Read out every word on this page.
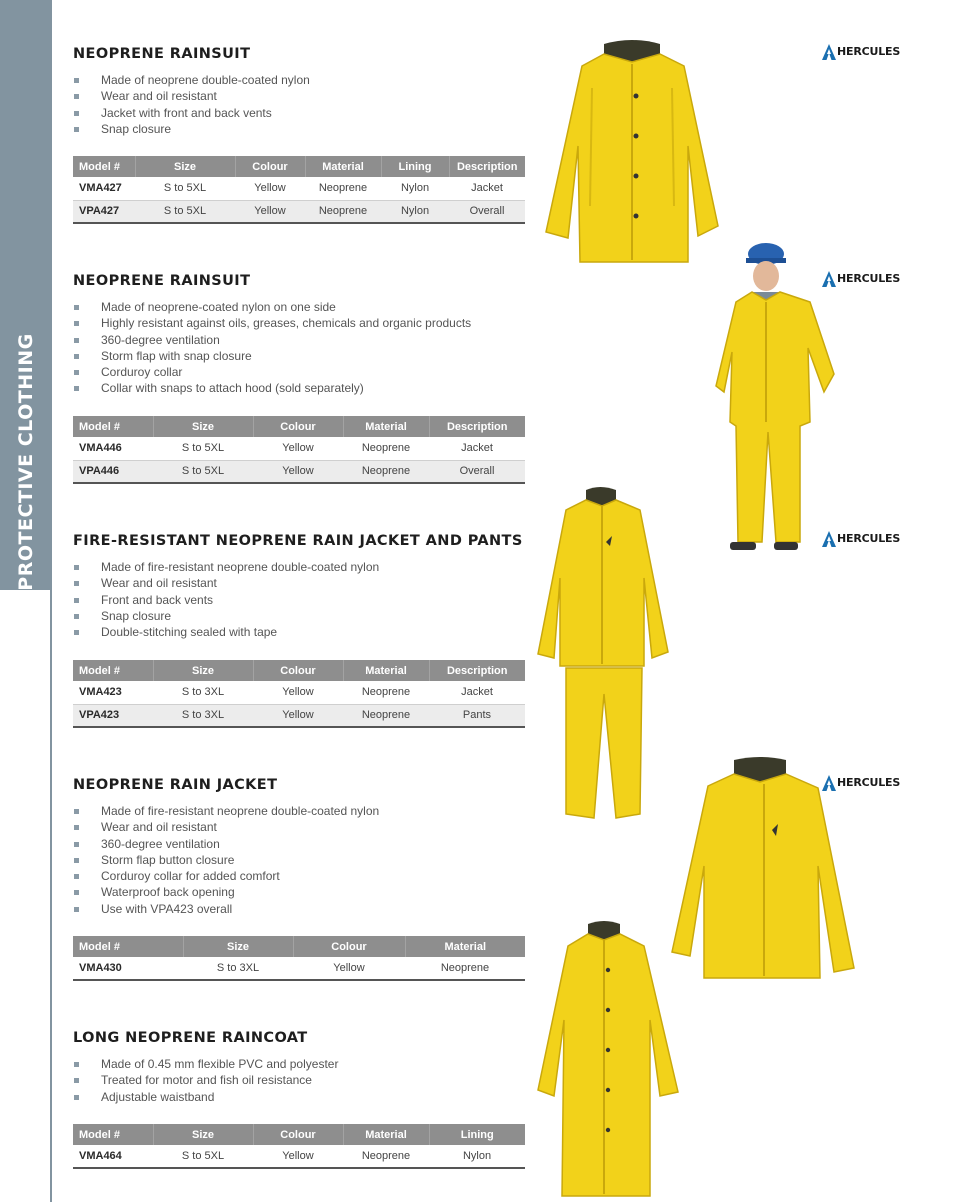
PROTECTIVE CLOTHING
NEOPRENE RAINSUIT
Made of neoprene double-coated nylon
Wear and oil resistant
Jacket with front and back vents
Snap closure
Model #	Size	Colour	Material	Lining	Description
VMA427	S to 5XL	Yellow	Neoprene	Nylon	Jacket
VPA427	S to 5XL	Yellow	Neoprene	Nylon	Overall
NEOPRENE RAINSUIT
Made of neoprene-coated nylon on one side
Highly resistant against oils, greases, chemicals and organic products
360-degree ventilation
Storm flap with snap closure
Corduroy collar
Collar with snaps to attach hood (sold separately)
Model #	Size	Colour	Material	Description
VMA446	S to 5XL	Yellow	Neoprene	Jacket
VPA446	S to 5XL	Yellow	Neoprene	Overall
FIRE-RESISTANT NEOPRENE RAIN JACKET AND PANTS
Made of fire-resistant neoprene double-coated nylon
Wear and oil resistant
Front and back vents
Snap closure
Double-stitching sealed with tape
Model #	Size	Colour	Material	Description
VMA423	S to 3XL	Yellow	Neoprene	Jacket
VPA423	S to 3XL	Yellow	Neoprene	Pants
NEOPRENE RAIN JACKET
Made of fire-resistant neoprene double-coated nylon
Wear and oil resistant
360-degree ventilation
Storm flap button closure
Corduroy collar for added comfort
Waterproof back opening
Use with VPA423 overall
Model #	Size	Colour	Material
VMA430	S to 3XL	Yellow	Neoprene
LONG NEOPRENE RAINCOAT
Made of 0.45 mm flexible PVC and polyester
Treated for motor and fish oil resistance
Adjustable waistband
Model #	Size	Colour	Material	Lining
VMA464	S to 5XL	Yellow	Neoprene	Nylon
HERCULES
HERCULES
HERCULES
HERCULES
